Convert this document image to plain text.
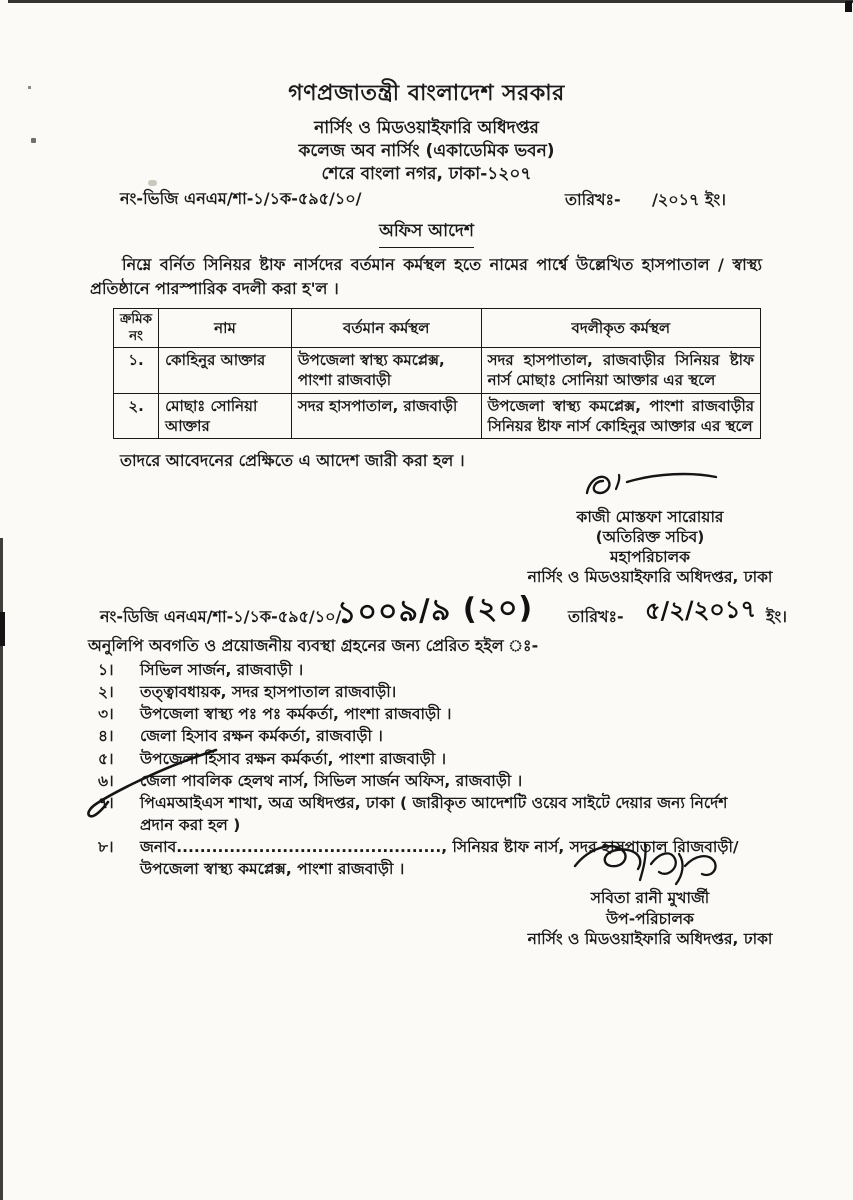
গণপ্রজাতন্ত্রী বাংলাদেশ সরকার
নার্সিং ও মিডওয়াইফারি অধিদপ্তর
কলেজ অব নার্সিং (একাডেমিক ভবন)
শেরে বাংলা নগর, ঢাকা-১২০৭
নং-ভিজি এনএম/শা-১/১ক-৫৯৫/১০/	তারিখঃ- /২০১৭ ইং।
অফিস আদেশ
নিম্নে বর্নিত সিনিয়র ষ্টাফ নার্সদের বর্তমান কর্মস্থল হতে নামের পার্শ্বে উল্লেখিত হাসপাতাল / স্বাস্থ্য প্রতিষ্ঠানে পারস্পারিক বদলী করা হ'ল ।
ক্রমিক নং	নাম	বর্তমান কর্মস্থল	বদলীকৃত কর্মস্থল
১.	কোহিনুর আক্তার	উপজেলা স্বাস্থ্য কমপ্লেক্স, পাংশা রাজবাড়ী	সদর হাসপাতাল, রাজবাড়ীর সিনিয়র ষ্টাফ নার্স মোছাঃ সোনিয়া আক্তার এর স্থলে
২.	মোছাঃ সোনিয়া আক্তার	সদর হাসপাতাল, রাজবাড়ী	উপজেলা স্বাস্থ্য কমপ্লেক্স, পাংশা রাজবাড়ীর সিনিয়র ষ্টাফ নার্স কোহিনুর আক্তার এর স্থলে
তাদরে আবেদনের প্রেক্ষিতে এ আদেশ জারী করা হল ।
কাজী মোস্তফা সারোয়ার
(অতিরিক্ত সচিব)
মহাপরিচালক
নার্সিং ও মিডওয়াইফারি অধিদপ্তর, ঢাকা
নং-ডিজি এনএম/শা-১/১ক-৫৯৫/১০/
১০০৯/৯ (২০) তারিখঃ- ৫/২/২০১৭ ইং।
অনুলিপি অবগতি ও প্রয়োজনীয় ব্যবস্থা গ্রহনের জন্য প্রেরিত হইল ঃ-
১।	সিভিল সার্জন, রাজবাড়ী ।
২।	তত্ত্বাবধায়ক, সদর হাসপাতাল রাজবাড়ী।
৩।	উপজেলা স্বাস্থ্য পঃ পঃ কর্মকর্তা, পাংশা রাজবাড়ী ।
৪।	জেলা হিসাব রক্ষন কর্মকর্তা, রাজবাড়ী ।
৫।	উপজেলা হিসাব রক্ষন কর্মকর্তা, পাংশা রাজবাড়ী ।
৬।	জেলা পাবলিক হেলথ নার্স, সিভিল সার্জন অফিস, রাজবাড়ী ।
৭।	পিএমআইএস শাখা, অত্র অধিদপ্তর, ঢাকা ( জারীকৃত আদেশটি ওয়েব সাইটে দেয়ার জন্য নির্দেশ প্রদান করা হল )
৮।	জনাব............................................., সিনিয়র ষ্টাফ নার্স, সদর হাসপাতাল রিাজবাড়ী/ উপজেলা স্বাস্থ্য কমপ্লেক্স, পাংশা রাজবাড়ী ।
সবিতা রানী মুখার্জী
উপ-পরিচালক
নার্সিং ও মিডওয়াইফারি অধিদপ্তর, ঢাকা
